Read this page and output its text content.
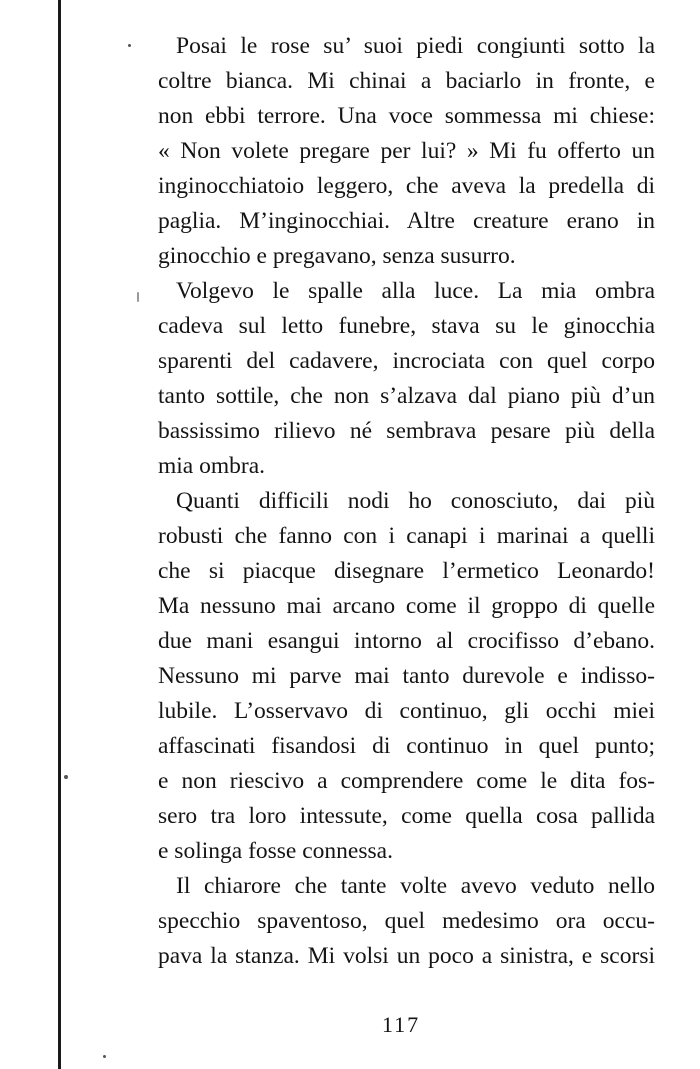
Posai le rose su’ suoi piedi congiunti sotto la
coltre bianca. Mi chinai a baciarlo in fronte, e
non ebbi terrore. Una voce sommessa mi chiese:
« Non volete pregare per lui? » Mi fu offerto un
inginocchiatoio leggero, che aveva la predella di
paglia. M’inginocchiai. Altre creature erano in
ginocchio e pregavano, senza susurro.
Volgevo le spalle alla luce. La mia ombra
cadeva sul letto funebre, stava su le ginocchia
sparenti del cadavere, incrociata con quel corpo
tanto sottile, che non s’alzava dal piano più d’un
bassissimo rilievo né sembrava pesare più della
mia ombra.
Quanti difficili nodi ho conosciuto, dai più
robusti che fanno con i canapi i marinai a quelli
che si piacque disegnare l’ermetico Leonardo!
Ma nessuno mai arcano come il groppo di quelle
due mani esangui intorno al crocifisso d’ebano.
Nessuno mi parve mai tanto durevole e indisso-
lubile. L’osservavo di continuo, gli occhi miei
affascinati fisandosi di continuo in quel punto;
e non riescivo a comprendere come le dita fos-
sero tra loro intessute, come quella cosa pallida
e solinga fosse connessa.
Il chiarore che tante volte avevo veduto nello
specchio spaventoso, quel medesimo ora occu-
pava la stanza. Mi volsi un poco a sinistra, e scorsi
117
